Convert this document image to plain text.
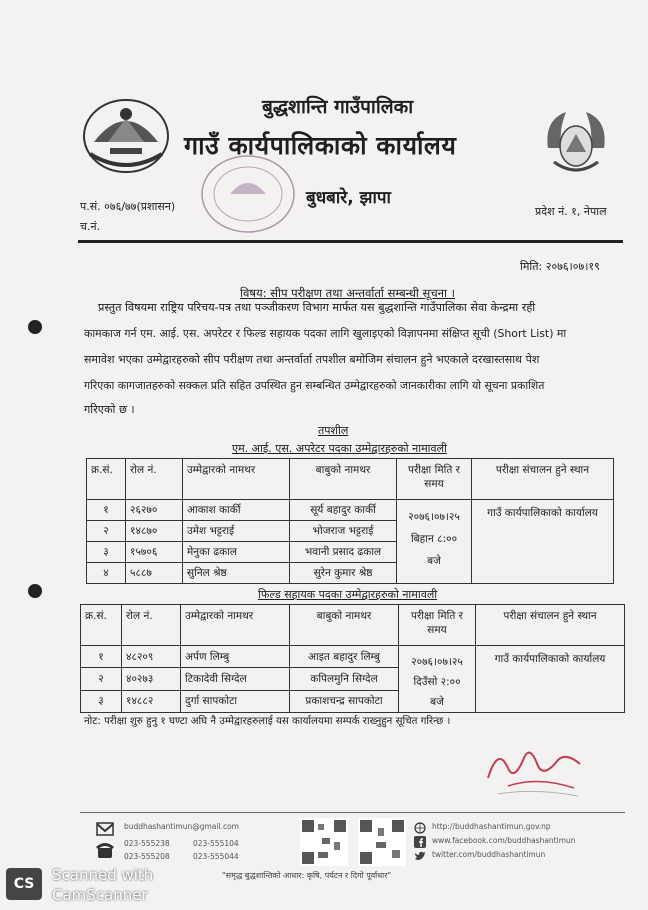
बुद्धशान्ति गाउँपालिका
गाउँ कार्यपालिकाको कार्यालय
बुधबारे, झापा
प.सं. ०७६/७७(प्रशासन)
च.नं.
प्रदेश नं. १, नेपाल
मिति: २०७६।०७।१९
विषय: सीप परीक्षण तथा अन्तर्वार्ता सम्बन्धी सूचना ।
प्रस्तुत विषयमा राष्ट्रिय परिचय-पत्र तथा पञ्जीकरण विभाग मार्फत यस बुद्धशान्ति गाउँपालिका सेवा केन्द्रमा रही
कामकाज गर्न एम. आई. एस. अपरेटर र फिल्ड सहायक पदका लागि खुलाइएको विज्ञापनमा संक्षिप्त सूची (Short List) मा
समावेश भएका उम्मेद्वारहरुको सीप परीक्षण तथा अन्तर्वार्ता तपशील बमोजिम संचालन हुने भएकाले दरखास्तसाथ पेश
गरिएका कागजातहरुको सक्कल प्रति सहित उपस्थित हुन सम्बन्धित उम्मेद्वारहरुको जानकारीका लागि यो सूचना प्रकाशित
गरिएको छ ।
तपशील
एम. आई. एस. अपरेटर पदका उम्मेद्वारहरुको नामावली
क्र.सं.	रोल नं.	उम्मेद्वारको नामथर	बाबुको नामथर	परीक्षा मिति र समय	परीक्षा संचालन हुने स्थान
१	२६२७०	आकाश कार्की	सूर्य बहादुर कार्की	२०७६।०७।२५
बिहान ८:००
बजे	गाउँ कार्यपालिकाको कार्यालय
२	१४८७०	उमेश भट्टराई	भोजराज भट्टराई		
३	१५७०६	मेनुका ढकाल	भवानी प्रसाद ढकाल		
४	५८८७	सुनिल श्रेष्ठ	सुरेन कुमार श्रेष्ठ		
फिल्ड सहायक पदका उम्मेद्वारहरुको नामावली
क्र.सं.	रोल नं.	उम्मेद्वारको नामथर	बाबुको नामथर	परीक्षा मिति र समय	परीक्षा संचालन हुने स्थान
१	४८२०९	अर्पण लिम्बु	आइत बहादुर लिम्बु	२०७६।०७।२५
दिउँसो २:००
बजे	गाउँ कार्यपालिकाको कार्यालय
२	४०२७३	टिकादेवी सिग्देल	कपिलमुनि सिग्देल		
३	१४८८२	दुर्गा सापकोटा	प्रकाशचन्द्र सापकोटा		
नोट: परीक्षा शुरु हुनु १ घण्टा अघि नै उम्मेद्वारहरुलाई यस कार्यालयमा सम्पर्क राख्नुहुन सूचित गरिन्छ ।
buddhashantimun@gmail.com
023-555238	023-555104
023-555208	023-555044
http://buddhashantimun.gov.np
www.facebook.com/buddhashantimun
twitter.com/buddhashantimun
"समृद्ध बुद्धशान्तिको आधार: कृषि, पर्यटन र दिगो पूर्वाधार"
CS	Scanned with
CamScanner
